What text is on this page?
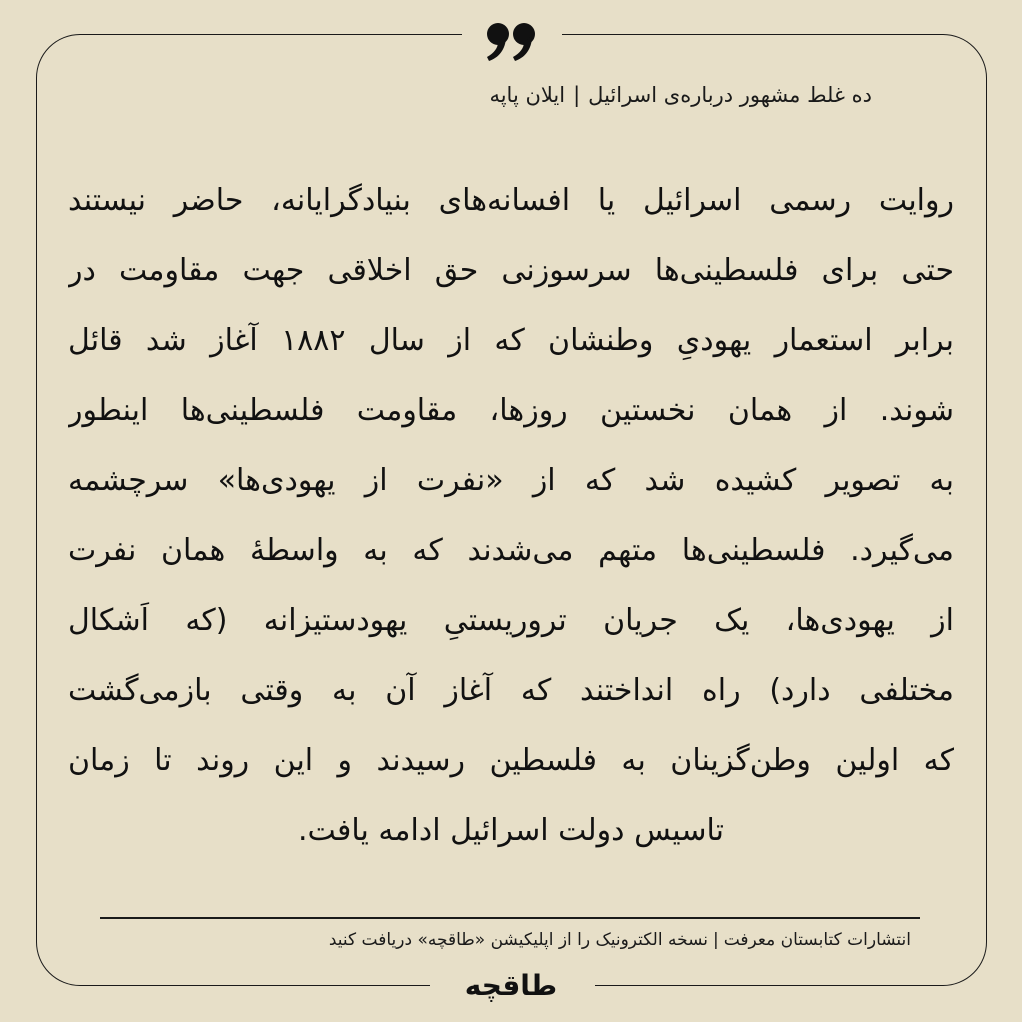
ده غلط مشهور درباره‌ی اسرائیل|ایلان پاپه
روایت رسمی اسرائیل یا افسانه‌های بنیادگرایانه، حاضر نیستند
حتی برای فلسطینی‌ها سرسوزنی حق اخلاقی جهت مقاومت در
برابر استعمار یهودیِ وطنشان که از سال ۱۸۸۲ آغاز شد قائل
شوند. از همان نخستین روزها، مقاومت فلسطینی‌ها اینطور
به تصویر کشیده شد که از «نفرت از یهودی‌ها» سرچشمه
می‌گیرد. فلسطینی‌ها متهم می‌شدند که به واسطهٔ همان نفرت
از یهودی‌ها، یک جریان تروریستیِ یهودستیزانه (که اَشکال
مختلفی دارد) راه انداختند که آغاز آن به وقتی بازمی‌گشت
که اولین وطن‌گزینان به فلسطین رسیدند و این روند تا زمان
تاسیس دولت اسرائیل ادامه یافت.
انتشارات کتابستان معرفت|نسخه الکترونیک را از اپلیکیشن «طاقچه» دریافت کنید
طاقچه
